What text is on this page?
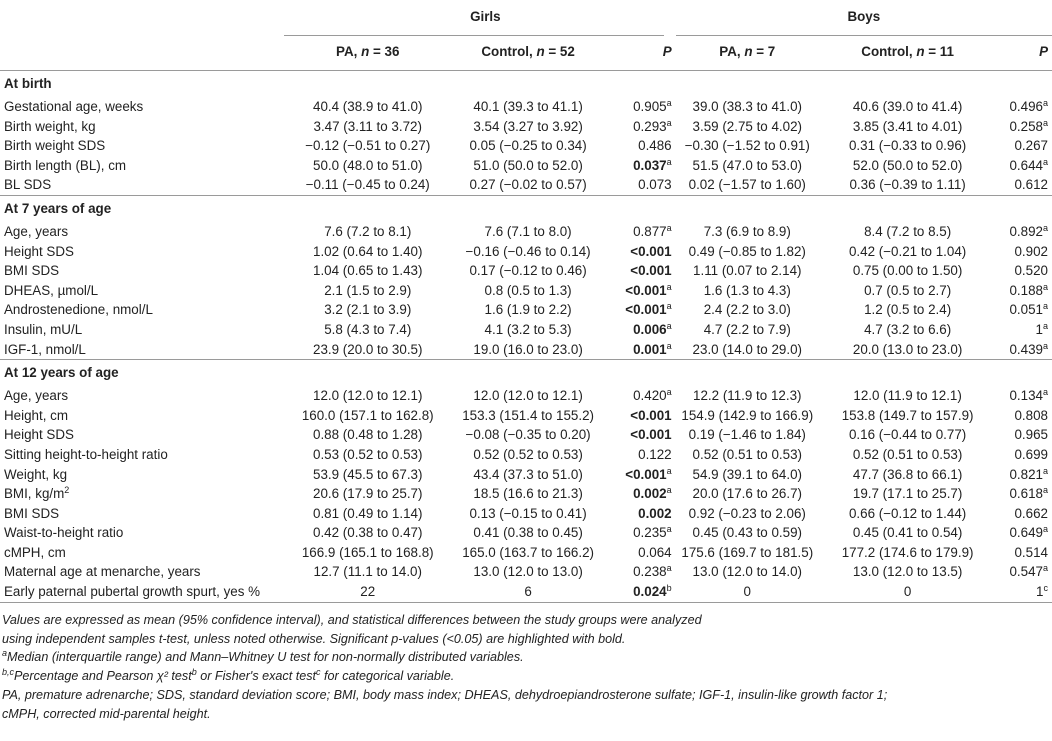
	Girls			Boys		
	PA, n = 36	Control, n = 52	P	PA, n = 7	Control, n = 11	P
At birth						
Gestational age, weeks	40.4 (38.9 to 41.0)	40.1 (39.3 to 41.1)	0.905$^a$	39.0 (38.3 to 41.0)	40.6 (39.0 to 41.4)	0.496$^a$
Birth weight, kg	3.47 (3.11 to 3.72)	3.54 (3.27 to 3.92)	0.293$^a$	3.59 (2.75 to 4.02)	3.85 (3.41 to 4.01)	0.258$^a$
Birth weight SDS	−0.12 (−0.51 to 0.27)	0.05 (−0.25 to 0.34)	0.486	−0.30 (−1.52 to 0.91)	0.31 (−0.33 to 0.96)	0.267
Birth length (BL), cm	50.0 (48.0 to 51.0)	51.0 (50.0 to 52.0)	0.037$^a$	51.5 (47.0 to 53.0)	52.0 (50.0 to 52.0)	0.644$^a$
BL SDS	−0.11 (−0.45 to 0.24)	0.27 (−0.02 to 0.57)	0.073	0.02 (−1.57 to 1.60)	0.36 (−0.39 to 1.11)	0.612
At 7 years of age						
Age, years	7.6 (7.2 to 8.1)	7.6 (7.1 to 8.0)	0.877$^a$	7.3 (6.9 to 8.9)	8.4 (7.2 to 8.5)	0.892$^a$
Height SDS	1.02 (0.64 to 1.40)	−0.16 (−0.46 to 0.14)	<0.001	0.49 (−0.85 to 1.82)	0.42 (−0.21 to 1.04)	0.902
BMI SDS	1.04 (0.65 to 1.43)	0.17 (−0.12 to 0.46)	<0.001	1.11 (0.07 to 2.14)	0.75 (0.00 to 1.50)	0.520
DHEAS, µmol/L	2.1 (1.5 to 2.9)	0.8 (0.5 to 1.3)	<0.001$^a$	1.6 (1.3 to 4.3)	0.7 (0.5 to 2.7)	0.188$^a$
Androstenedione, nmol/L	3.2 (2.1 to 3.9)	1.6 (1.9 to 2.2)	<0.001$^a$	2.4 (2.2 to 3.0)	1.2 (0.5 to 2.4)	0.051$^a$
Insulin, mU/L	5.8 (4.3 to 7.4)	4.1 (3.2 to 5.3)	0.006$^a$	4.7 (2.2 to 7.9)	4.7 (3.2 to 6.6)	1$^a$
IGF-1, nmol/L	23.9 (20.0 to 30.5)	19.0 (16.0 to 23.0)	0.001$^a$	23.0 (14.0 to 29.0)	20.0 (13.0 to 23.0)	0.439$^a$
At 12 years of age						
Age, years	12.0 (12.0 to 12.1)	12.0 (12.0 to 12.1)	0.420$^a$	12.2 (11.9 to 12.3)	12.0 (11.9 to 12.1)	0.134$^a$
Height, cm	160.0 (157.1 to 162.8)	153.3 (151.4 to 155.2)	<0.001	154.9 (142.9 to 166.9)	153.8 (149.7 to 157.9)	0.808
Height SDS	0.88 (0.48 to 1.28)	−0.08 (−0.35 to 0.20)	<0.001	0.19 (−1.46 to 1.84)	0.16 (−0.44 to 0.77)	0.965
Sitting height-to-height ratio	0.53 (0.52 to 0.53)	0.52 (0.52 to 0.53)	0.122	0.52 (0.51 to 0.53)	0.52 (0.51 to 0.53)	0.699
Weight, kg	53.9 (45.5 to 67.3)	43.4 (37.3 to 51.0)	<0.001$^a$	54.9 (39.1 to 64.0)	47.7 (36.8 to 66.1)	0.821$^a$
BMI, $kg/m^2$	20.6 (17.9 to 25.7)	18.5 (16.6 to 21.3)	0.002$^a$	20.0 (17.6 to 26.7)	19.7 (17.1 to 25.7)	0.618$^a$
BMI SDS	0.81 (0.49 to 1.14)	0.13 (−0.15 to 0.41)	0.002	0.92 (−0.23 to 2.06)	0.66 (−0.12 to 1.44)	0.662
Waist-to-height ratio	0.42 (0.38 to 0.47)	0.41 (0.38 to 0.45)	0.235$^a$	0.45 (0.43 to 0.59)	0.45 (0.41 to 0.54)	0.649$^a$
cMPH, cm	166.9 (165.1 to 168.8)	165.0 (163.7 to 166.2)	0.064	175.6 (169.7 to 181.5)	177.2 (174.6 to 179.9)	0.514
Maternal age at menarche, years	12.7 (11.1 to 14.0)	13.0 (12.0 to 13.0)	0.238$^a$	13.0 (12.0 to 14.0)	13.0 (12.0 to 13.5)	0.547$^a$
Early paternal pubertal growth spurt, yes %	22	6	0.024$^b$	0	0	1$^c$
Values are expressed as mean (95% confidence interval), and statistical differences between the study groups were analyzed
using independent samples t-test, unless noted otherwise. Significant p-values (<0.05) are highlighted with bold.
$^a$Median (interquartile range) and Mann–Whitney U test for non-normally distributed variables.
$^{b,c}$Percentage and Pearson χ² test$^b$ or Fisher's exact test$^c$ for categorical variable.
PA, premature adrenarche; SDS, standard deviation score; BMI, body mass index; DHEAS, dehydroepiandrosterone sulfate; IGF-1, insulin-like growth factor 1;
cMPH, corrected mid-parental height.
